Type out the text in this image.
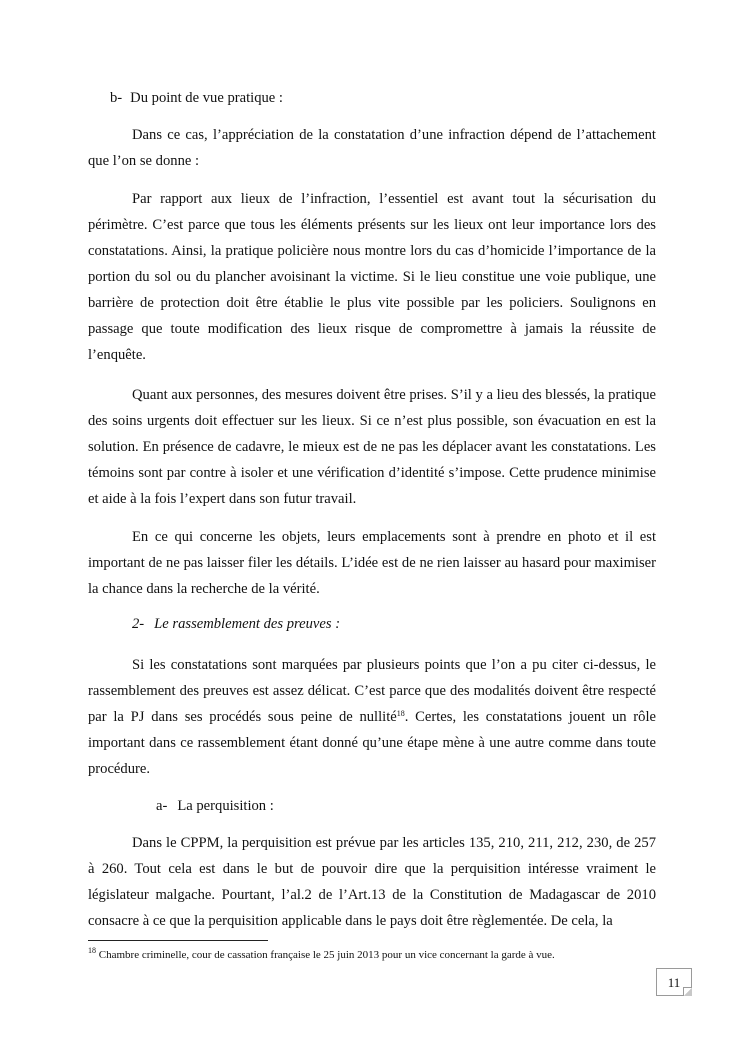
b- Du point de vue pratique :

Dans ce cas, l’appréciation de la constatation d’une infraction dépend de l’attachement que l’on se donne :

Par rapport aux lieux de l’infraction, l’essentiel est avant tout la sécurisation du périmètre. C’est parce que tous les éléments présents sur les lieux ont leur importance lors des constatations. Ainsi, la pratique policière nous montre lors du cas d’homicide l’importance de la portion du sol ou du plancher avoisinant la victime. Si le lieu constitue une voie publique, une barrière de protection doit être établie le plus vite possible par les policiers. Soulignons en passage que toute modification des lieux risque de compromettre à jamais la réussite de l’enquête.

Quant aux personnes, des mesures doivent être prises. S’il y a lieu des blessés, la pratique des soins urgents doit effectuer sur les lieux. Si ce n’est plus possible, son évacuation en est la solution. En présence de cadavre, le mieux est de ne pas les déplacer avant les constatations. Les témoins sont par contre à isoler et une vérification d’identité s’impose. Cette prudence minimise et aide à la fois l’expert dans son futur travail.

En ce qui concerne les objets, leurs emplacements sont à prendre en photo et il est important de ne pas laisser filer les détails. L’idée est de ne rien laisser au hasard pour maximiser la chance dans la recherche de la vérité.

2- Le rassemblement des preuves :

Si les constatations sont marquées par plusieurs points que l’on a pu citer ci-dessus, le rassemblement des preuves est assez délicat. C’est parce que des modalités doivent être respecté par la PJ dans ses procédés sous peine de nullité$^{18}$. Certes, les constatations jouent un rôle important dans ce rassemblement étant donné qu’une étape mène à une autre comme dans toute procédure.

a- La perquisition :

Dans le CPPM, la perquisition est prévue par les articles 135, 210, 211, 212, 230, de 257 à 260. Tout cela est dans le but de pouvoir dire que la perquisition intéresse vraiment le législateur malgache. Pourtant, l’al.2 de l’Art.13 de la Constitution de Madagascar de 2010 consacre à ce que la perquisition applicable dans le pays doit être règlementée. De cela, la

$^{18}$ Chambre criminelle, cour de cassation française le 25 juin 2013 pour un vice concernant la garde à vue.
11
